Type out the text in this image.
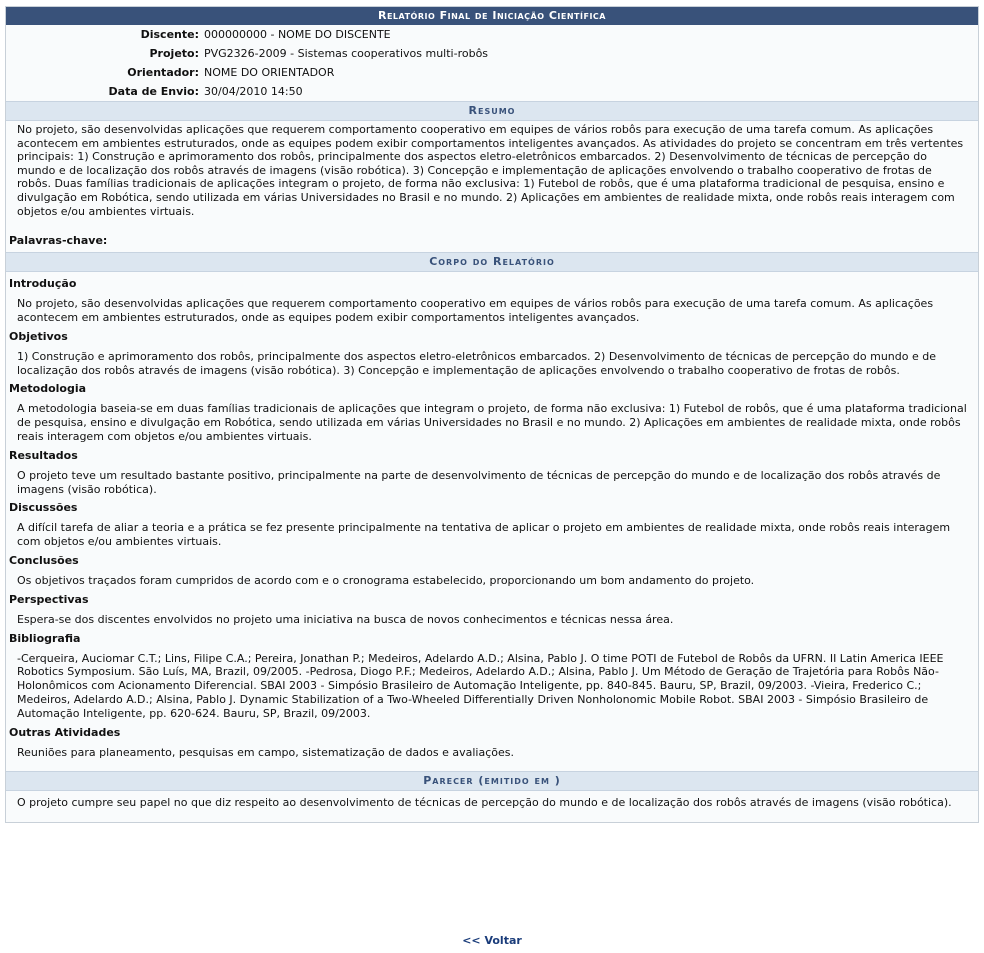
Relatório Final de Iniciação Científica
Discente:	000000000 - NOME DO DISCENTE
Projeto:	PVG2326-2009 - Sistemas cooperativos multi-robôs
Orientador:	NOME DO ORIENTADOR
Data de Envio:	30/04/2010 14:50
Resumo
No projeto, são desenvolvidas aplicações que requerem comportamento cooperativo em equipes de vários robôs para execução de uma tarefa comum. As aplicações acontecem em ambientes estruturados, onde as equipes podem exibir comportamentos inteligentes avançados. As atividades do projeto se concentram em três vertentes principais: 1) Construção e aprimoramento dos robôs, principalmente dos aspectos eletro-eletrônicos embarcados. 2) Desenvolvimento de técnicas de percepção do mundo e de localização dos robôs através de imagens (visão robótica). 3) Concepção e implementação de aplicações envolvendo o trabalho cooperativo de frotas de robôs. Duas famílias tradicionais de aplicações integram o projeto, de forma não exclusiva: 1) Futebol de robôs, que é uma plataforma tradicional de pesquisa, ensino e divulgação em Robótica, sendo utilizada em várias Universidades no Brasil e no mundo. 2) Aplicações em ambientes de realidade mixta, onde robôs reais interagem com objetos e/ou ambientes virtuais.
Palavras-chave:
Corpo do Relatório
Introdução
No projeto, são desenvolvidas aplicações que requerem comportamento cooperativo em equipes de vários robôs para execução de uma tarefa comum. As aplicações acontecem em ambientes estruturados, onde as equipes podem exibir comportamentos inteligentes avançados.
Objetivos
1) Construção e aprimoramento dos robôs, principalmente dos aspectos eletro-eletrônicos embarcados. 2) Desenvolvimento de técnicas de percepção do mundo e de localização dos robôs através de imagens (visão robótica). 3) Concepção e implementação de aplicações envolvendo o trabalho cooperativo de frotas de robôs.
Metodologia
A metodologia baseia-se em duas famílias tradicionais de aplicações que integram o projeto, de forma não exclusiva: 1) Futebol de robôs, que é uma plataforma tradicional de pesquisa, ensino e divulgação em Robótica, sendo utilizada em várias Universidades no Brasil e no mundo. 2) Aplicações em ambientes de realidade mixta, onde robôs reais interagem com objetos e/ou ambientes virtuais.
Resultados
O projeto teve um resultado bastante positivo, principalmente na parte de desenvolvimento de técnicas de percepção do mundo e de localização dos robôs através de imagens (visão robótica).
Discussões
A difícil tarefa de aliar a teoria e a prática se fez presente principalmente na tentativa de aplicar o projeto em ambientes de realidade mixta, onde robôs reais interagem com objetos e/ou ambientes virtuais.
Conclusões
Os objetivos traçados foram cumpridos de acordo com e o cronograma estabelecido, proporcionando um bom andamento do projeto.
Perspectivas
Espera-se dos discentes envolvidos no projeto uma iniciativa na busca de novos conhecimentos e técnicas nessa área.
Bibliografia
-Cerqueira, Auciomar C.T.; Lins, Filipe C.A.; Pereira, Jonathan P.; Medeiros, Adelardo A.D.; Alsina, Pablo J. O time POTI de Futebol de Robôs da UFRN. II Latin America IEEE Robotics Symposium. São Luís, MA, Brazil, 09/2005. -Pedrosa, Diogo P.F.; Medeiros, Adelardo A.D.; Alsina, Pablo J. Um Método de Geração de Trajetória para Robôs Não-Holonômicos com Acionamento Diferencial. SBAI 2003 - Simpósio Brasileiro de Automação Inteligente, pp. 840-845. Bauru, SP, Brazil, 09/2003. -Vieira, Frederico C.; Medeiros, Adelardo A.D.; Alsina, Pablo J. Dynamic Stabilization of a Two-Wheeled Differentially Driven Nonholonomic Mobile Robot. SBAI 2003 - Simpósio Brasileiro de Automação Inteligente, pp. 620-624. Bauru, SP, Brazil, 09/2003.
Outras Atividades
Reuniões para planeamento, pesquisas em campo, sistematização de dados e avaliações.
Parecer (emitido em )
O projeto cumpre seu papel no que diz respeito ao desenvolvimento de técnicas de percepção do mundo e de localização dos robôs através de imagens (visão robótica).
<< Voltar
